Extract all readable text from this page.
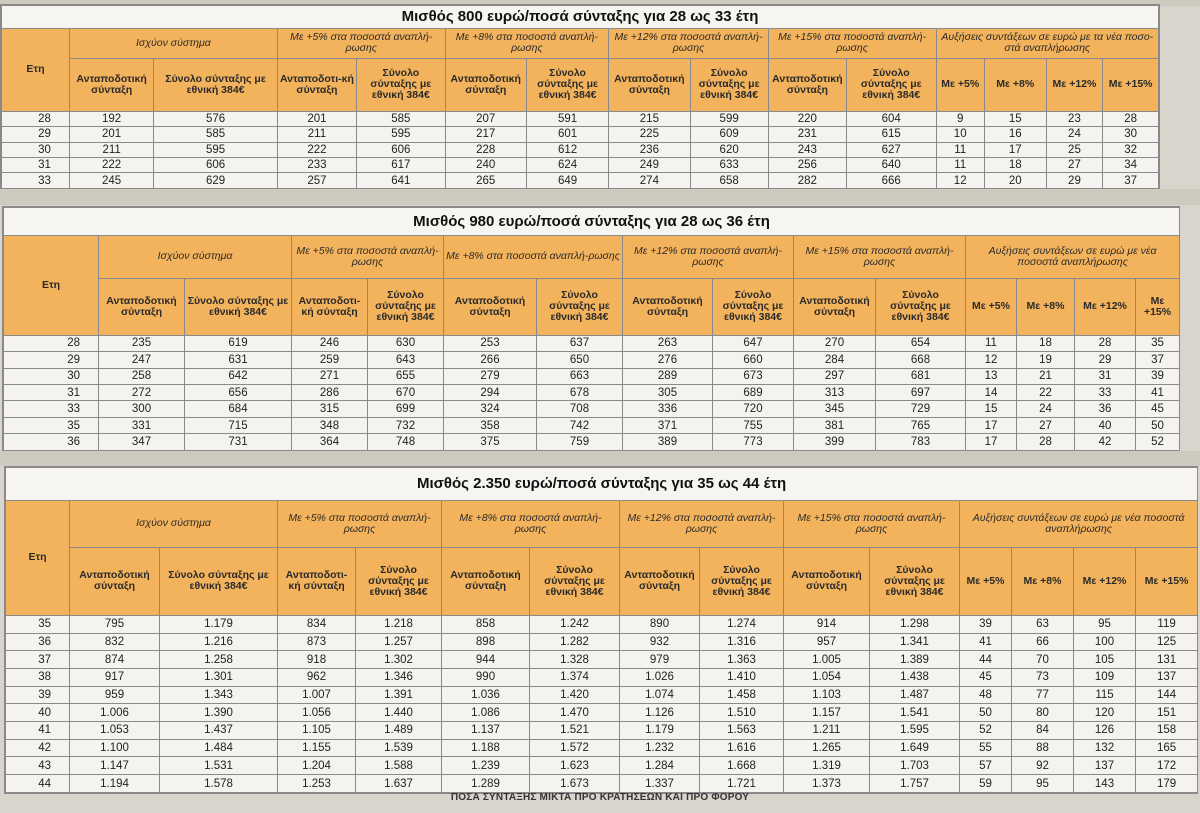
Μισθός 800 ευρώ/ποσά σύνταξης για 28 ως 33 έτη														
Ετη	Ισχύον σύστημα		Με +5% στα ποσοστά αναπλή-ρωσης		Με +8% στα ποσοστά αναπλή-ρωσης		Με +12% στα ποσοστά αναπλή-ρωσης		Με +15% στα ποσοστά αναπλή-ρωσης		Αυξήσεις συντάξεων σε ευρώ με τα νέα ποσο-στά αναπλήρωσης			
	Ανταποδοτική σύνταξη	Σύνολο σύνταξης με εθνική 384€	Ανταποδοτι-κή σύνταξη	Σύνολο σύνταξης με εθνική 384€	Ανταποδοτική σύνταξη	Σύνολο σύνταξης με εθνική 384€	Ανταποδοτική σύνταξη	Σύνολο σύνταξης με εθνική 384€	Ανταποδοτική σύνταξη	Σύνολο σύνταξης με εθνική 384€	Με +5%	Με +8%	Με +12%	Με +15%
28	192	576	201	585	207	591	215	599	220	604	9	15	23	28
29	201	585	211	595	217	601	225	609	231	615	10	16	24	30
30	211	595	222	606	228	612	236	620	243	627	11	17	25	32
31	222	606	233	617	240	624	249	633	256	640	11	18	27	34
33	245	629	257	641	265	649	274	658	282	666	12	20	29	37
Μισθός 980 ευρώ/ποσά σύνταξης για 28 ως 36 έτη														
Ετη	Ισχύον σύστημα		Με +5% στα ποσοστά αναπλή-ρωσης		Με +8% στα ποσοστά αναπλή-ρωσης		Με +12% στα ποσοστά αναπλή-ρωσης		Με +15% στα ποσοστά αναπλή-ρωσης		Αυξήσεις συντάξεων σε ευρώ με νέα ποσοστά αναπλήρωσης			
	Ανταποδοτική σύνταξη	Σύνολο σύνταξης με εθνική 384€	Ανταποδοτι-κή σύνταξη	Σύνολο σύνταξης με εθνική 384€	Ανταποδοτική σύνταξη	Σύνολο σύνταξης με εθνική 384€	Ανταποδοτική σύνταξη	Σύνολο σύνταξης με εθνική 384€	Ανταποδοτική σύνταξη	Σύνολο σύνταξης με εθνική 384€	Με +5%	Με +8%	Με +12%	Με +15%
28	235	619	246	630	253	637	263	647	270	654	11	18	28	35
29	247	631	259	643	266	650	276	660	284	668	12	19	29	37
30	258	642	271	655	279	663	289	673	297	681	13	21	31	39
31	272	656	286	670	294	678	305	689	313	697	14	22	33	41
33	300	684	315	699	324	708	336	720	345	729	15	24	36	45
35	331	715	348	732	358	742	371	755	381	765	17	27	40	50
36	347	731	364	748	375	759	389	773	399	783	17	28	42	52
Μισθός 2.350 ευρώ/ποσά σύνταξης για 35 ως 44 έτη														
Ετη	Ισχύον σύστημα		Με +5% στα ποσοστά αναπλή-ρωσης		Με +8% στα ποσοστά αναπλή-ρωσης		Με +12% στα ποσοστά αναπλή-ρωσης		Με +15% στα ποσοστά αναπλή-ρωσης		Αυξήσεις συντάξεων σε ευρώ με νέα ποσοστά αναπλήρωσης			
	Ανταποδοτική σύνταξη	Σύνολο σύνταξης με εθνική 384€	Ανταποδοτι-κή σύνταξη	Σύνολο σύνταξης με εθνική 384€	Ανταποδοτική σύνταξη	Σύνολο σύνταξης με εθνική 384€	Ανταποδοτική σύνταξη	Σύνολο σύνταξης με εθνική 384€	Ανταποδοτική σύνταξη	Σύνολο σύνταξης με εθνική 384€	Με +5%	Με +8%	Με +12%	Με +15%
35	795	1.179	834	1.218	858	1.242	890	1.274	914	1.298	39	63	95	119
36	832	1.216	873	1.257	898	1.282	932	1.316	957	1.341	41	66	100	125
37	874	1.258	918	1.302	944	1.328	979	1.363	1.005	1.389	44	70	105	131
38	917	1.301	962	1.346	990	1.374	1.026	1.410	1.054	1.438	45	73	109	137
39	959	1.343	1.007	1.391	1.036	1.420	1.074	1.458	1.103	1.487	48	77	115	144
40	1.006	1.390	1.056	1.440	1.086	1.470	1.126	1.510	1.157	1.541	50	80	120	151
41	1.053	1.437	1.105	1.489	1.137	1.521	1.179	1.563	1.211	1.595	52	84	126	158
42	1.100	1.484	1.155	1.539	1.188	1.572	1.232	1.616	1.265	1.649	55	88	132	165
43	1.147	1.531	1.204	1.588	1.239	1.623	1.284	1.668	1.319	1.703	57	92	137	172
44	1.194	1.578	1.253	1.637	1.289	1.673	1.337	1.721	1.373	1.757	59	95	143	179
ΠΟΣΑ ΣΥΝΤΑΞΗΣ ΜΙΚΤΑ ΠΡΟ ΚΡΑΤΗΣΕΩΝ ΚΑΙ ΠΡΟ ΦΟΡΟΥ
